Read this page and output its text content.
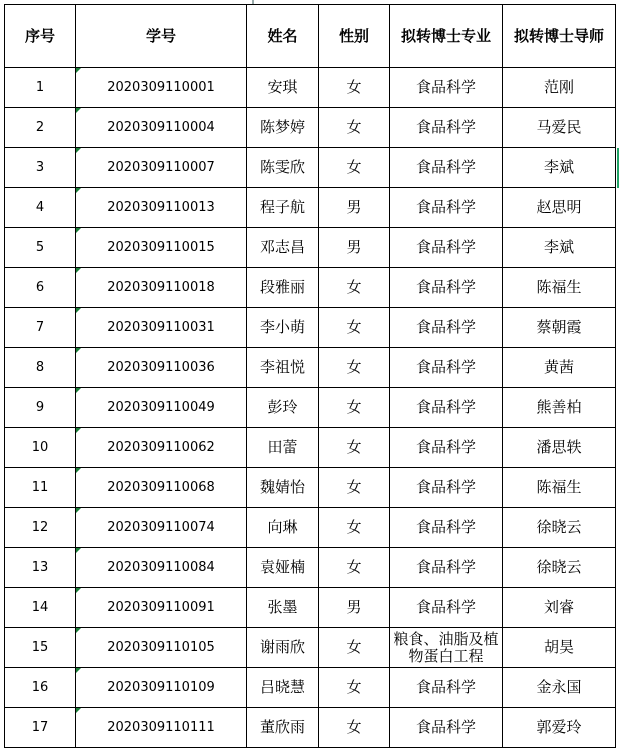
序号	学号	姓名	性别	拟转博士专业	拟转博士导师
1	2020309110001	安琪	女	食品科学	范刚
2	2020309110004	陈梦婷	女	食品科学	马爱民
3	2020309110007	陈雯欣	女	食品科学	李斌
4	2020309110013	程子航	男	食品科学	赵思明
5	2020309110015	邓志昌	男	食品科学	李斌
6	2020309110018	段雅丽	女	食品科学	陈福生
7	2020309110031	李小萌	女	食品科学	蔡朝霞
8	2020309110036	李祖悦	女	食品科学	黄茜
9	2020309110049	彭玲	女	食品科学	熊善柏
10	2020309110062	田蕾	女	食品科学	潘思轶
11	2020309110068	魏婧怡	女	食品科学	陈福生
12	2020309110074	向琳	女	食品科学	徐晓云
13	2020309110084	袁娅楠	女	食品科学	徐晓云
14	2020309110091	张墨	男	食品科学	刘睿
15	2020309110105	谢雨欣	女	粮食、油脂及植物蛋白工程	胡昊
16	2020309110109	吕晓慧	女	食品科学	金永国
17	2020309110111	董欣雨	女	食品科学	郭爱玲
